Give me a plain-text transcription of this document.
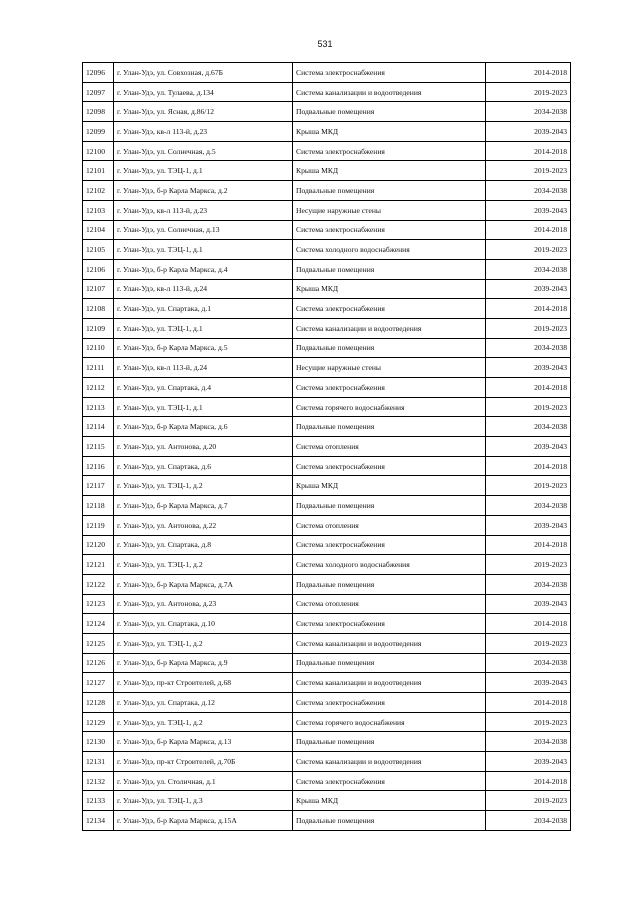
531
12096	г. Улан-Удэ, ул. Совхозная, д.67Б	Система электроснабжения	2014-2018
12097	г. Улан-Удэ, ул. Тулаева, д.134	Система канализации и водоотведения	2019-2023
12098	г. Улан-Удэ, ул. Ясная, д.86/12	Подвальные помещения	2034-2038
12099	г. Улан-Удэ, кв-л 113-й, д.23	Крыша МКД	2039-2043
12100	г. Улан-Удэ, ул. Солнечная, д.5	Система электроснабжения	2014-2018
12101	г. Улан-Удэ, ул. ТЭЦ-1, д.1	Крыша МКД	2019-2023
12102	г. Улан-Удэ, б-р Карла Маркса, д.2	Подвальные помещения	2034-2038
12103	г. Улан-Удэ, кв-л 113-й, д.23	Несущие наружные стены	2039-2043
12104	г. Улан-Удэ, ул. Солнечная, д.13	Система электроснабжения	2014-2018
12105	г. Улан-Удэ, ул. ТЭЦ-1, д.1	Система холодного водоснабжения	2019-2023
12106	г. Улан-Удэ, б-р Карла Маркса, д.4	Подвальные помещения	2034-2038
12107	г. Улан-Удэ, кв-л 113-й, д.24	Крыша МКД	2039-2043
12108	г. Улан-Удэ, ул. Спартака, д.1	Система электроснабжения	2014-2018
12109	г. Улан-Удэ, ул. ТЭЦ-1, д.1	Система канализации и водоотведения	2019-2023
12110	г. Улан-Удэ, б-р Карла Маркса, д.5	Подвальные помещения	2034-2038
12111	г. Улан-Удэ, кв-л 113-й, д.24	Несущие наружные стены	2039-2043
12112	г. Улан-Удэ, ул. Спартака, д.4	Система электроснабжения	2014-2018
12113	г. Улан-Удэ, ул. ТЭЦ-1, д.1	Система горячего водоснабжения	2019-2023
12114	г. Улан-Удэ, б-р Карла Маркса, д.6	Подвальные помещения	2034-2038
12115	г. Улан-Удэ, ул. Антонова, д.20	Система отопления	2039-2043
12116	г. Улан-Удэ, ул. Спартака, д.6	Система электроснабжения	2014-2018
12117	г. Улан-Удэ, ул. ТЭЦ-1, д.2	Крыша МКД	2019-2023
12118	г. Улан-Удэ, б-р Карла Маркса, д.7	Подвальные помещения	2034-2038
12119	г. Улан-Удэ, ул. Антонова, д.22	Система отопления	2039-2043
12120	г. Улан-Удэ, ул. Спартака, д.8	Система электроснабжения	2014-2018
12121	г. Улан-Удэ, ул. ТЭЦ-1, д.2	Система холодного водоснабжения	2019-2023
12122	г. Улан-Удэ, б-р Карла Маркса, д.7А	Подвальные помещения	2034-2038
12123	г. Улан-Удэ, ул. Антонова, д.23	Система отопления	2039-2043
12124	г. Улан-Удэ, ул. Спартака, д.10	Система электроснабжения	2014-2018
12125	г. Улан-Удэ, ул. ТЭЦ-1, д.2	Система канализации и водоотведения	2019-2023
12126	г. Улан-Удэ, б-р Карла Маркса, д.9	Подвальные помещения	2034-2038
12127	г. Улан-Удэ, пр-кт Строителей, д.68	Система канализации и водоотведения	2039-2043
12128	г. Улан-Удэ, ул. Спартака, д.12	Система электроснабжения	2014-2018
12129	г. Улан-Удэ, ул. ТЭЦ-1, д.2	Система горячего водоснабжения	2019-2023
12130	г. Улан-Удэ, б-р Карла Маркса, д.13	Подвальные помещения	2034-2038
12131	г. Улан-Удэ, пр-кт Строителей, д.70Б	Система канализации и водоотведения	2039-2043
12132	г. Улан-Удэ, ул. Столичная, д.1	Система электроснабжения	2014-2018
12133	г. Улан-Удэ, ул. ТЭЦ-1, д.3	Крыша МКД	2019-2023
12134	г. Улан-Удэ, б-р Карла Маркса, д.15А	Подвальные помещения	2034-2038
